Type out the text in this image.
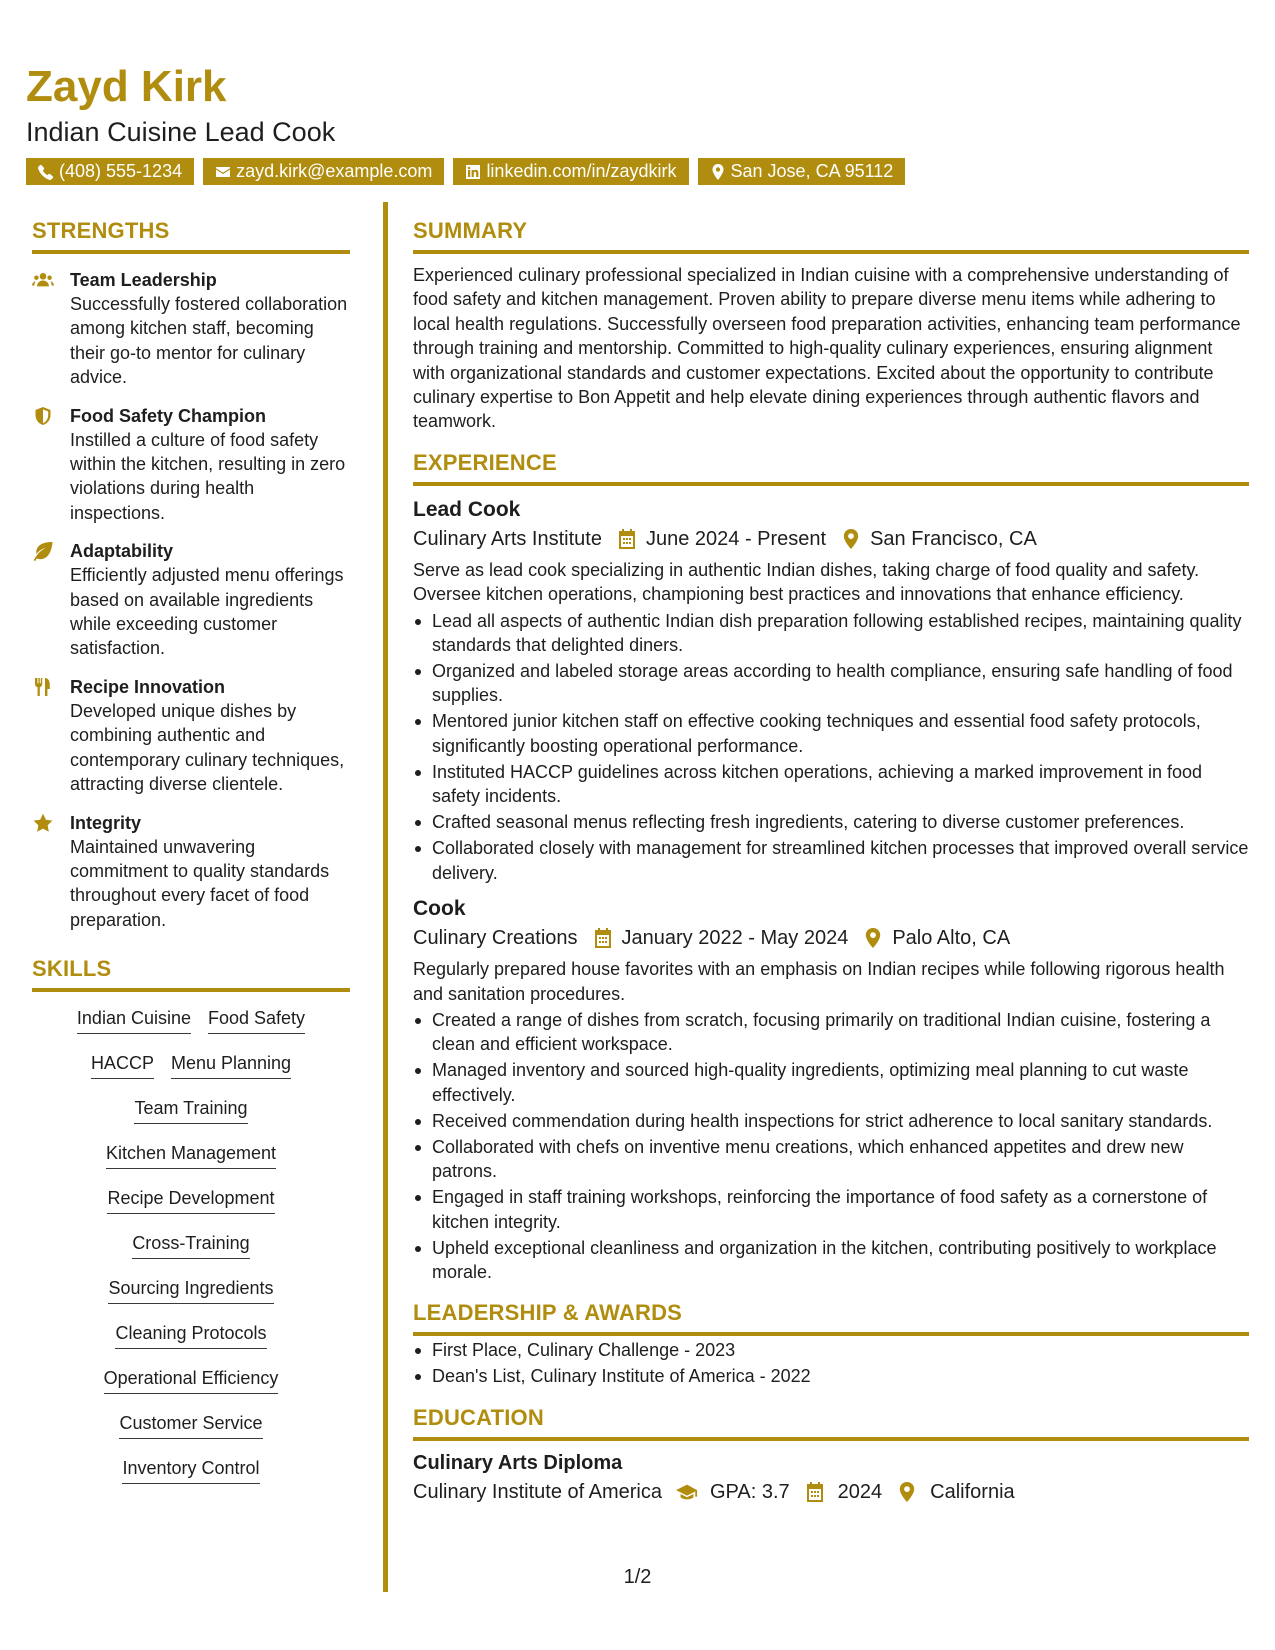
Zayd Kirk
Indian Cuisine Lead Cook
(408) 555-1234	zayd.kirk@example.com	linkedin.com/in/zaydkirk	San Jose, CA 95112
STRENGTHS
Team Leadership
Successfully fostered collaboration among kitchen staff, becoming their go-to mentor for culinary advice.
Food Safety Champion
Instilled a culture of food safety within the kitchen, resulting in zero violations during health inspections.
Adaptability
Efficiently adjusted menu offerings based on available ingredients while exceeding customer satisfaction.
Recipe Innovation
Developed unique dishes by combining authentic and contemporary culinary techniques, attracting diverse clientele.
Integrity
Maintained unwavering commitment to quality standards throughout every facet of food preparation.
SKILLS
Indian Cuisine Food Safety
HACCP Menu Planning
Team Training
Kitchen Management
Recipe Development
Cross-Training
Sourcing Ingredients
Cleaning Protocols
Operational Efficiency
Customer Service
Inventory Control
SUMMARY
Experienced culinary professional specialized in Indian cuisine with a comprehensive understanding of food safety and kitchen management. Proven ability to prepare diverse menu items while adhering to local health regulations. Successfully overseen food preparation activities, enhancing team performance through training and mentorship. Committed to high-quality culinary experiences, ensuring alignment with organizational standards and customer expectations. Excited about the opportunity to contribute culinary expertise to Bon Appetit and help elevate dining experiences through authentic flavors and teamwork.
EXPERIENCE
Lead Cook
Culinary Arts Institute June 2024 - Present San Francisco, CA
Serve as lead cook specializing in authentic Indian dishes, taking charge of food quality and safety. Oversee kitchen operations, championing best practices and innovations that enhance efficiency.
Lead all aspects of authentic Indian dish preparation following established recipes, maintaining quality standards that delighted diners.
Organized and labeled storage areas according to health compliance, ensuring safe handling of food supplies.
Mentored junior kitchen staff on effective cooking techniques and essential food safety protocols, significantly boosting operational performance.
Instituted HACCP guidelines across kitchen operations, achieving a marked improvement in food safety incidents.
Crafted seasonal menus reflecting fresh ingredients, catering to diverse customer preferences.
Collaborated closely with management for streamlined kitchen processes that improved overall service delivery.
Cook
Culinary Creations January 2022 - May 2024 Palo Alto, CA
Regularly prepared house favorites with an emphasis on Indian recipes while following rigorous health and sanitation procedures.
Created a range of dishes from scratch, focusing primarily on traditional Indian cuisine, fostering a clean and efficient workspace.
Managed inventory and sourced high-quality ingredients, optimizing meal planning to cut waste effectively.
Received commendation during health inspections for strict adherence to local sanitary standards.
Collaborated with chefs on inventive menu creations, which enhanced appetites and drew new patrons.
Engaged in staff training workshops, reinforcing the importance of food safety as a cornerstone of kitchen integrity.
Upheld exceptional cleanliness and organization in the kitchen, contributing positively to workplace morale.
LEADERSHIP & AWARDS
First Place, Culinary Challenge - 2023
Dean's List, Culinary Institute of America - 2022
EDUCATION
Culinary Arts Diploma
Culinary Institute of America GPA: 3.7 2024 California
1/2
